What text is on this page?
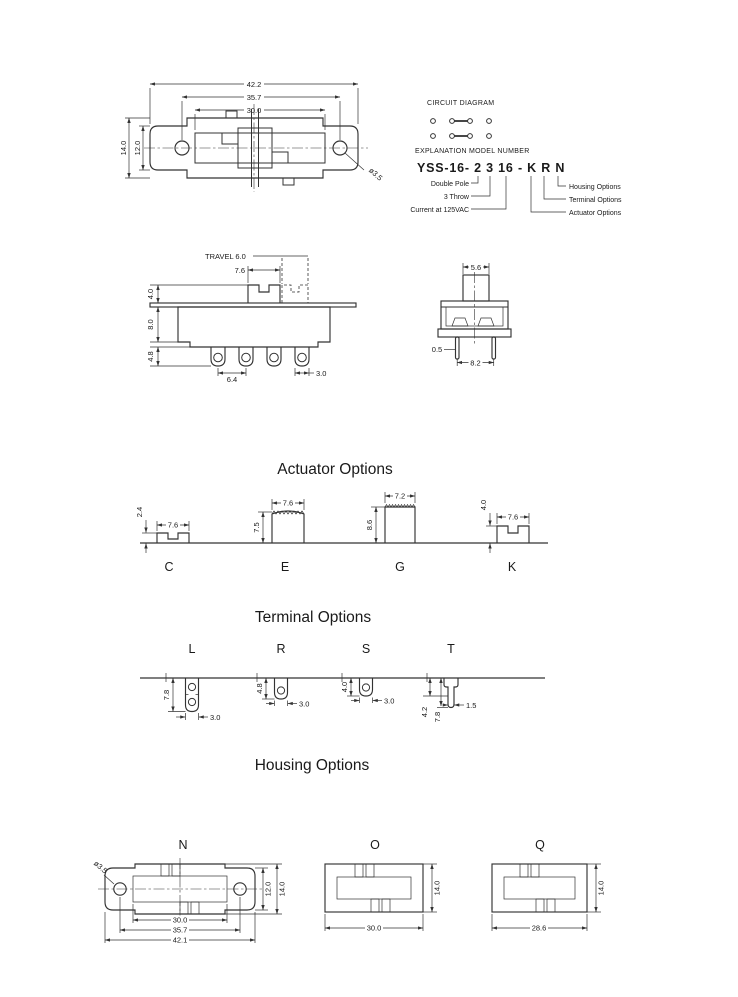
42.2
35.7
30.0
14.0 12.0
ø3.5
CIRCUIT DIAGRAM
EXPLANATION MODEL NUMBER
YSS-16- 2 3 16 - K R N
Double Pole
3 Throw
Current at 125VAC
Housing Options
Terminal Options
Actuator Options
TRAVEL 6.0
7.6
4.0
8.0
4.8
6.4
3.0
5.6
0.5
8.2
Actuator Options
7.6
2.4
C
7.6
7.5
E
7.2
8.6
G
7.6
4.0
K
Terminal Options
L
7.8
3.0
R
4.8
3.0
S
4.0
3.0
T
4.2 7.8
1.5
Housing Options
N
ø3.5
12.0 14.0
30.0
35.7
42.1
O
14.0
30.0
Q
14.0
28.6
